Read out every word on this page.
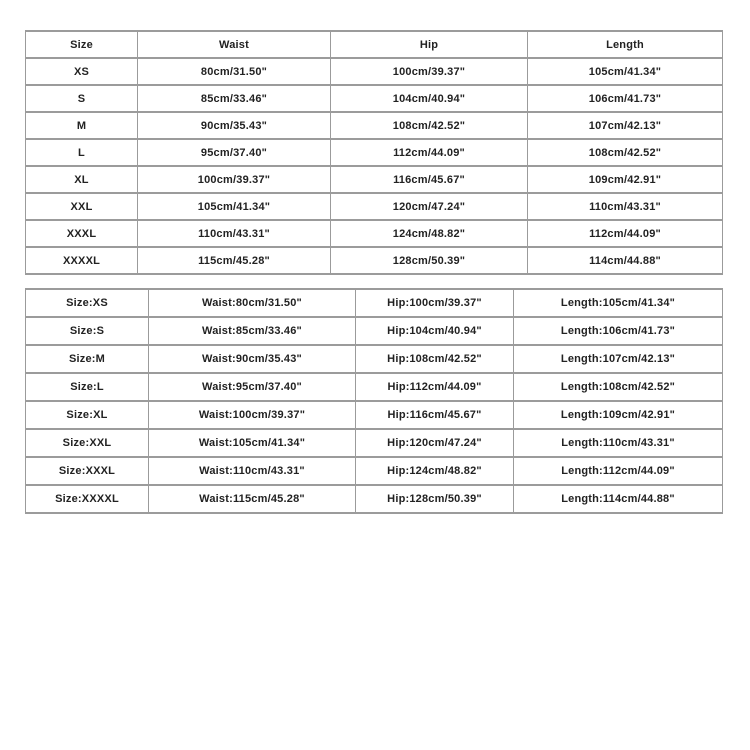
Size	Waist	Hip	Length
XS	80cm/31.50"	100cm/39.37"	105cm/41.34"
S	85cm/33.46"	104cm/40.94"	106cm/41.73"
M	90cm/35.43"	108cm/42.52"	107cm/42.13"
L	95cm/37.40"	112cm/44.09"	108cm/42.52"
XL	100cm/39.37"	116cm/45.67"	109cm/42.91"
XXL	105cm/41.34"	120cm/47.24"	110cm/43.31"
XXXL	110cm/43.31"	124cm/48.82"	112cm/44.09"
XXXXL	115cm/45.28"	128cm/50.39"	114cm/44.88"
Size:XS	Waist:80cm/31.50"	Hip:100cm/39.37"	Length:105cm/41.34"
Size:S	Waist:85cm/33.46"	Hip:104cm/40.94"	Length:106cm/41.73"
Size:M	Waist:90cm/35.43"	Hip:108cm/42.52"	Length:107cm/42.13"
Size:L	Waist:95cm/37.40"	Hip:112cm/44.09"	Length:108cm/42.52"
Size:XL	Waist:100cm/39.37"	Hip:116cm/45.67"	Length:109cm/42.91"
Size:XXL	Waist:105cm/41.34"	Hip:120cm/47.24"	Length:110cm/43.31"
Size:XXXL	Waist:110cm/43.31"	Hip:124cm/48.82"	Length:112cm/44.09"
Size:XXXXL	Waist:115cm/45.28"	Hip:128cm/50.39"	Length:114cm/44.88"
